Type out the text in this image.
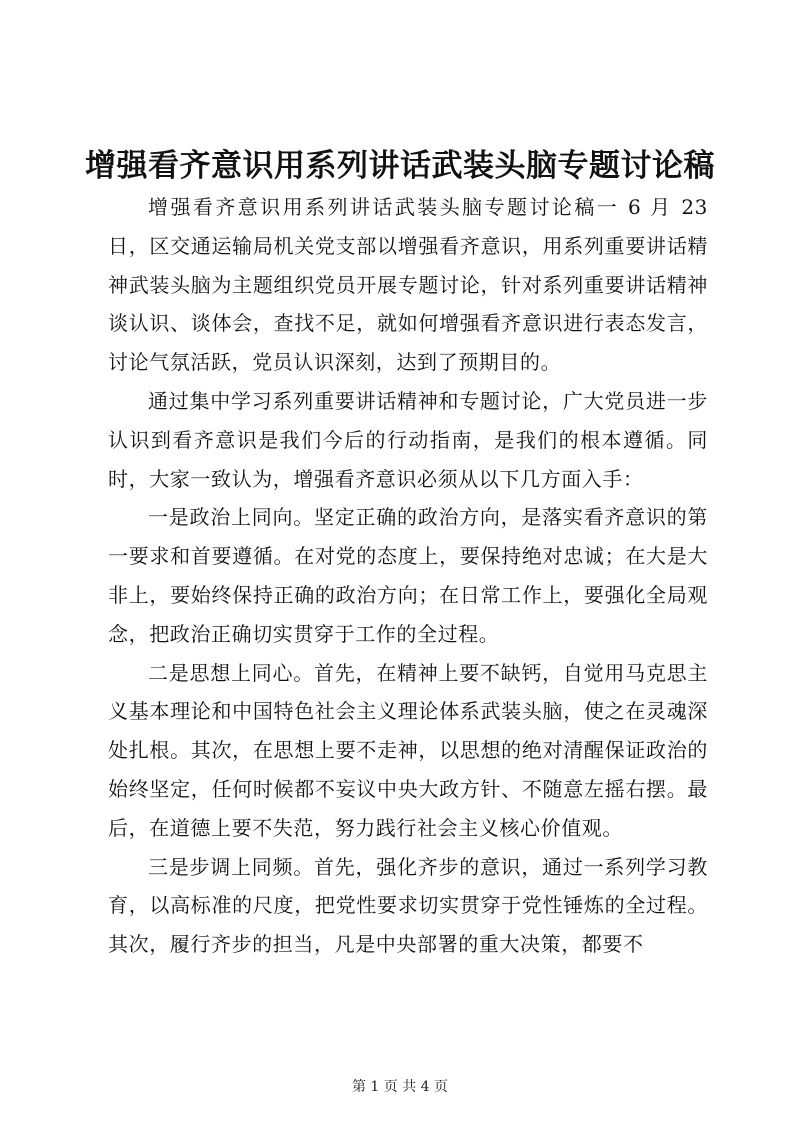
增强看齐意识用系列讲话武装头脑专题讨论稿

增强看齐意识用系列讲话武装头脑专题讨论稿一 6 月 23 日，区交通运输局机关党支部以增强看齐意识，用系列重要讲话精神武装头脑为主题组织党员开展专题讨论，针对系列重要讲话精神谈认识、谈体会，查找不足，就如何增强看齐意识进行表态发言，讨论气氛活跃，党员认识深刻，达到了预期目的。

通过集中学习系列重要讲话精神和专题讨论，广大党员进一步认识到看齐意识是我们今后的行动指南，是我们的根本遵循。同时，大家一致认为，增强看齐意识必须从以下几方面入手：

一是政治上同向。坚定正确的政治方向，是落实看齐意识的第一要求和首要遵循。在对党的态度上，要保持绝对忠诚；在大是大非上，要始终保持正确的政治方向；在日常工作上，要强化全局观念，把政治正确切实贯穿于工作的全过程。

二是思想上同心。首先，在精神上要不缺钙，自觉用马克思主义基本理论和中国特色社会主义理论体系武装头脑，使之在灵魂深处扎根。其次，在思想上要不走神，以思想的绝对清醒保证政治的始终坚定，任何时候都不妄议中央大政方针、不随意左摇右摆。最后，在道德上要不失范，努力践行社会主义核心价值观。

三是步调上同频。首先，强化齐步的意识，通过一系列学习教育，以高标准的尺度，把党性要求切实贯穿于党性锤炼的全过程。其次，履行齐步的担当，凡是中央部署的重大决策，都要不

第 1 页 共 4 页
